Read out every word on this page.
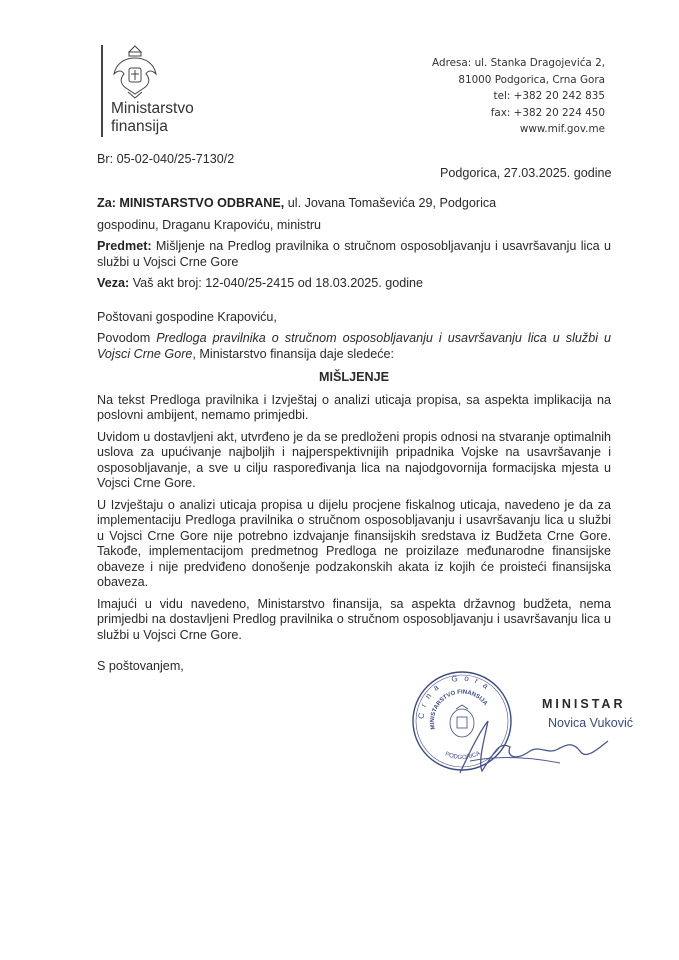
Ministarstvo
finansija
Adresa: ul. Stanka Dragojevića 2,
81000 Podgorica, Crna Gora
tel: +382 20 242 835
fax: +382 20 224 450
www.mif.gov.me
Br: 05-02-040/25-7130/2
Podgorica, 27.03.2025. godine

Za: MINISTARSTVO ODBRANE, ul. Jovana Tomaševića 29, Podgorica

gospodinu, Draganu Krapoviću, ministru

Predmet: Mišljenje na Predlog pravilnika o stručnom osposobljavanju i usavršavanju lica u službi u Vojsci Crne Gore

Veza: Vaš akt broj: 12-040/25-2415 od 18.03.2025. godine

Poštovani gospodine Krapoviću,

Povodom Predloga pravilnika o stručnom osposobljavanju i usavršavanju lica u službi u Vojsci Crne Gore, Ministarstvo finansija daje sledeće:

MIŠLJENJE

Na tekst Predloga pravilnika i Izvještaj o analizi uticaja propisa, sa aspekta implikacija na poslovni ambijent, nemamo primjedbi.

Uvidom u dostavljeni akt, utvrđeno je da se predloženi propis odnosi na stvaranje optimalnih uslova za upućivanje najboljih i najperspektivnijih pripadnika Vojske na usavršavanje i osposobljavanje, a sve u cilju raspoređivanja lica na najodgovornija formacijska mjesta u Vojsci Crne Gore.

U Izvještaju o analizi uticaja propisa u dijelu procjene fiskalnog uticaja, navedeno je da za implementaciju Predloga pravilnika o stručnom osposobljavanju i usavršavanju lica u službi u Vojsci Crne Gore nije potrebno izdvajanje finansijskih sredstava iz Budžeta Crne Gore. Takođe, implementacijom predmetnog Predloga ne proizilaze međunarodne finansijske obaveze i nije predviđeno donošenje podzakonskih akata iz kojih će proisteći finansijska obaveza.

Imajući u vidu navedeno, Ministarstvo finansija, sa aspekta državnog budžeta, nema primjedbi na dostavljeni Predlog pravilnika o stručnom osposobljavanju i usavršavanju lica u službi u Vojsci Crne Gore.

S poštovanjem,
Crna Gora
MINISTARSTVO FINANSIJA
PODGORICA
MINISTAR
Novica Vuković
